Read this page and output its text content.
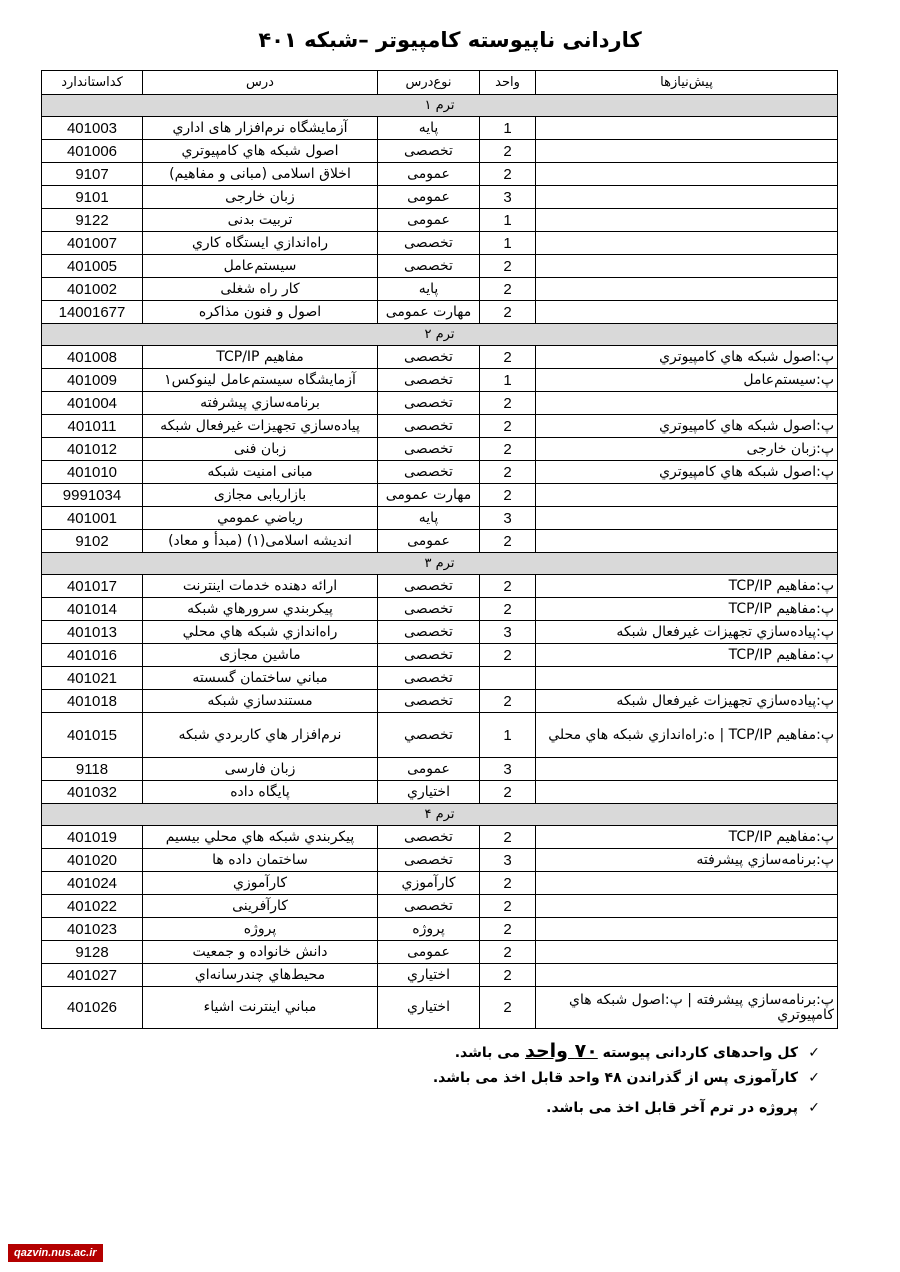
کاردانی ناپیوسته کامپیوتر –شبکه ۴۰۱
پیش‌نیازها	واحد	نوع‌درس	درس	کداستاندارد
ترم ۱				
	1	پایه	آزمایشگاه نرم‌افزار های اداري	401003
	2	تخصصی	اصول شبكه هاي كامپيوتري	401006
	2	عمومی	اخلاق اسلامی (مبانی و مفاهیم)	9107
	3	عمومی	زبان خارجی	9101
	1	عمومی	تربیت بدنی	9122
	1	تخصصی	راه‌اندازي ايستگاه كاري	401007
	2	تخصصی	سیستم‌عامل	401005
	2	پایه	کار راه شغلی	401002
	2	مهارت عمومی	اصول و فنون مذاکره	14001677
ترم ۲				
پ:اصول شبكه هاي كامپيوتري	2	تخصصی	مفاهيم TCP/IP	401008
پ:سیستم‌عامل	1	تخصصی	آزمایشگاه سیستم‌عامل لینوکس۱	401009
	2	تخصصی	برنامه‌سازي پيشرفته	401004
پ:اصول شبكه هاي كامپيوتري	2	تخصصی	پیاده‌سازي تجهيزات غيرفعال شبكه	401011
پ:زبان خارجی	2	تخصصی	زبان فنی	401012
پ:اصول شبكه هاي كامپيوتري	2	تخصصی	مبانی امنیت شبکه	401010
	2	مهارت عمومی	بازاریابی مجازی	9991034
	3	پایه	رياضي عمومي	401001
	2	عمومی	اندیشه اسلامی(۱) (مبدأ و معاد)	9102
ترم ۳				
پ:مفاهيم TCP/IP	2	تخصصی	ارائه دهنده خدمات اينترنت	401017
پ:مفاهيم TCP/IP	2	تخصصی	پيكربندي سرورهاي شبكه	401014
پ:پیاده‌سازي تجهيزات غيرفعال شبكه	3	تخصصی	راه‌اندازي شبكه هاي محلي	401013
پ:مفاهيم TCP/IP	2	تخصصی	ماشین مجازی	401016
		تخصصی	مباني ساختمان گسسته	401021
پ:پیاده‌سازي تجهيزات غيرفعال شبكه	2	تخصصی	مستندسازي شبكه	401018
پ:مفاهيم TCP/IP | ه:راه‌اندازي شبكه هاي محلي	1	تخصصي	نرم‌افزار هاي كاربردي شبكه	401015
	3	عمومی	زبان فارسی	9118
	2	اختیاري	پايگاه داده	401032
ترم ۴				
پ:مفاهيم TCP/IP	2	تخصصی	پيكربندي شبكه هاي محلي بيسيم	401019
پ:برنامه‌سازي پيشرفته	3	تخصصی	ساختمان داده ها	401020
	2	کارآموزي	کارآموزي	401024
	2	تخصصی	کارآفرینی	401022
	2	پروژه	پروژه	401023
	2	عمومی	دانش خانواده و جمعیت	9128
	2	اختیاري	محیط‌هاي چندرسانه‌اي	401027
پ:برنامه‌سازي پيشرفته | پ:اصول شبكه هاي كامپيوتري	2	اختیاري	مباني اينترنت اشياء	401026
✓
کل واحدهای کاردانی پیوسته ۷۰ واحد می باشد.
✓
کارآموزی پس از گذراندن ۴۸ واحد قابل اخذ می باشد.
✓
پروژه در ترم آخر قابل اخذ می باشد.
qazvin.nus.ac.ir
